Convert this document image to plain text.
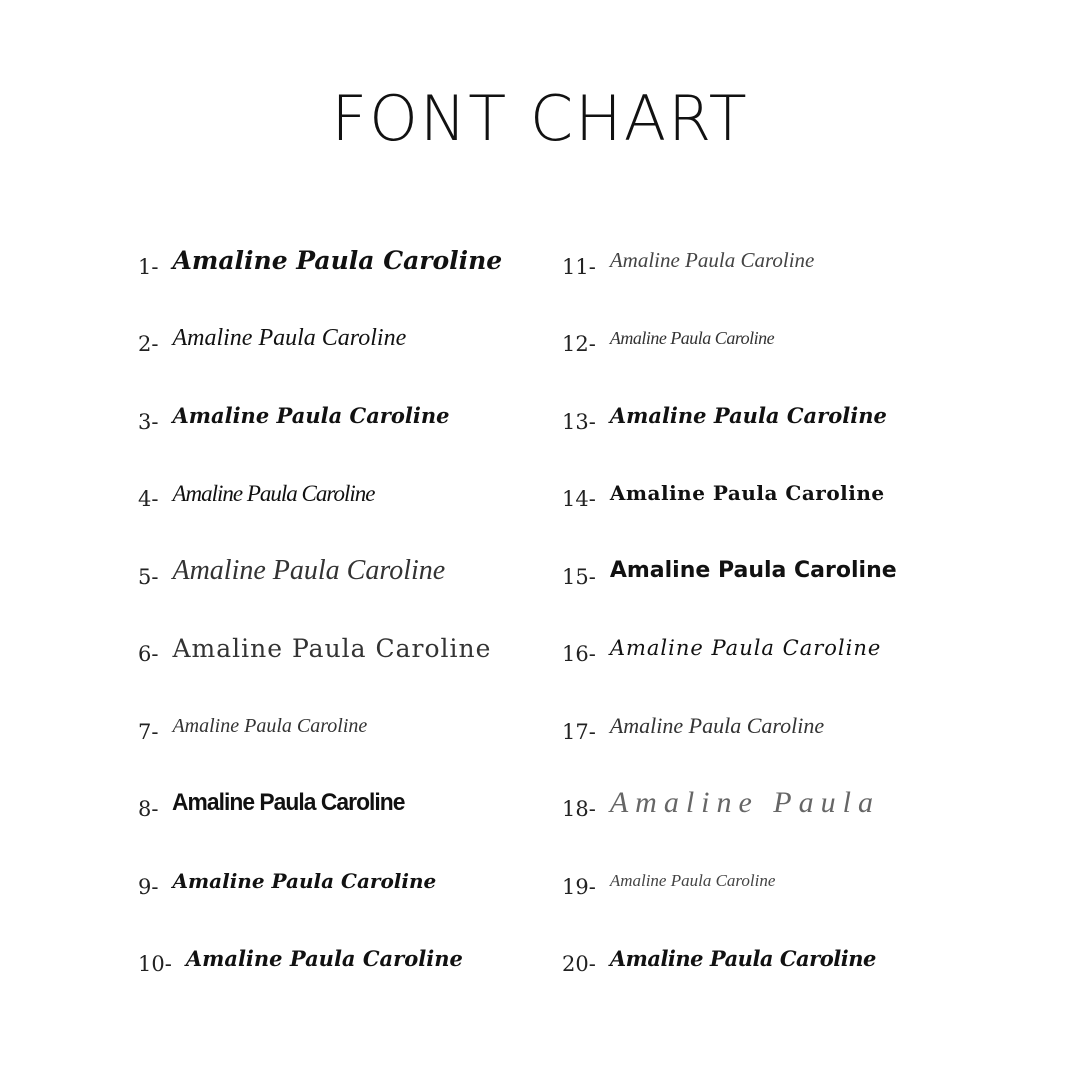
FONT CHART
1- Amaline Paula Caroline
2- Amaline Paula Caroline
3- Amaline Paula Caroline
4- Amaline Paula Caroline
5- Amaline Paula Caroline
6- Amaline Paula Caroline
7- Amaline Paula Caroline
8- Amaline Paula Caroline
9- Amaline Paula Caroline
10- Amaline Paula Caroline
11- Amaline Paula Caroline
12- Amaline Paula Caroline
13- Amaline Paula Caroline
14- Amaline Paula Caroline
15- Amaline Paula Caroline
16- Amaline Paula Caroline
17- Amaline Paula Caroline
18- Amaline Paula
19- Amaline Paula Caroline
20- Amaline Paula Caroline
